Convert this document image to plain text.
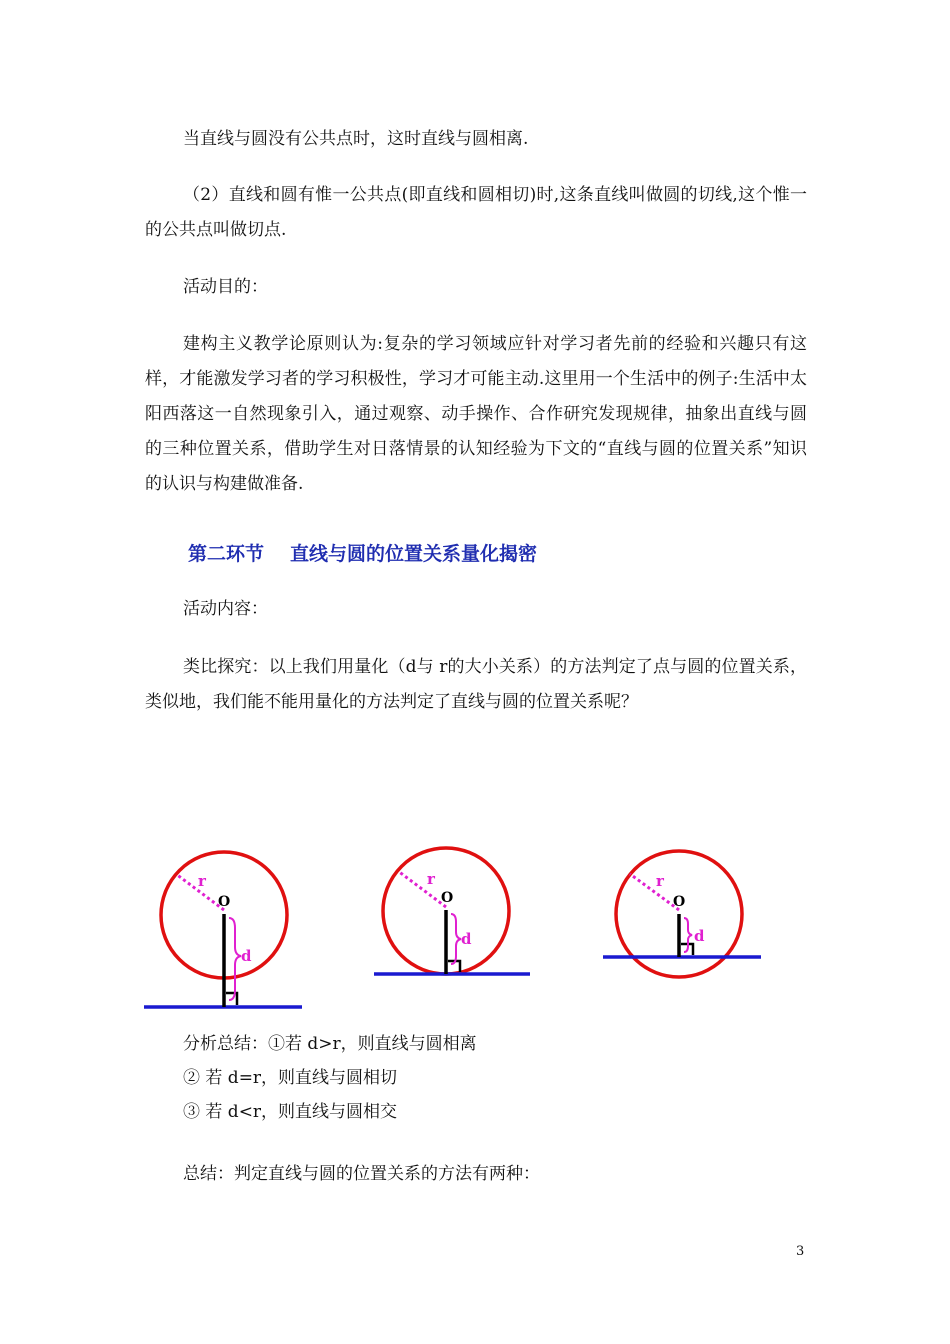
当直线与圆没有公共点时，这时直线与圆相离.

（2）直线和圆有惟一公共点(即直线和圆相切)时,这条直线叫做圆的切线,这个惟一的公共点叫做切点.

活动目的：

建构主义教学论原则认为:复杂的学习领域应针对学习者先前的经验和兴趣只有这样，才能激发学习者的学习积极性，学习才可能主动.这里用一个生活中的例子:生活中太阳西落这一自然现象引入，通过观察、动手操作、合作研究发现规律，抽象出直线与圆的三种位置关系，借助学生对日落情景的认知经验为下文的“直线与圆的位置关系”知识的认识与构建做准备.

第二环节 直线与圆的位置关系量化揭密

活动内容：

类比探究：以上我们用量化（d与 r的大小关系）的方法判定了点与圆的位置关系，类似地，我们能不能用量化的方法判定了直线与圆的位置关系呢？

r
O
d
r
O
d
r
O
d

分析总结：①若 d>r，则直线与圆相离

② 若 d=r，则直线与圆相切

③ 若 d<r，则直线与圆相交

总结：判定直线与圆的位置关系的方法有两种：

3
